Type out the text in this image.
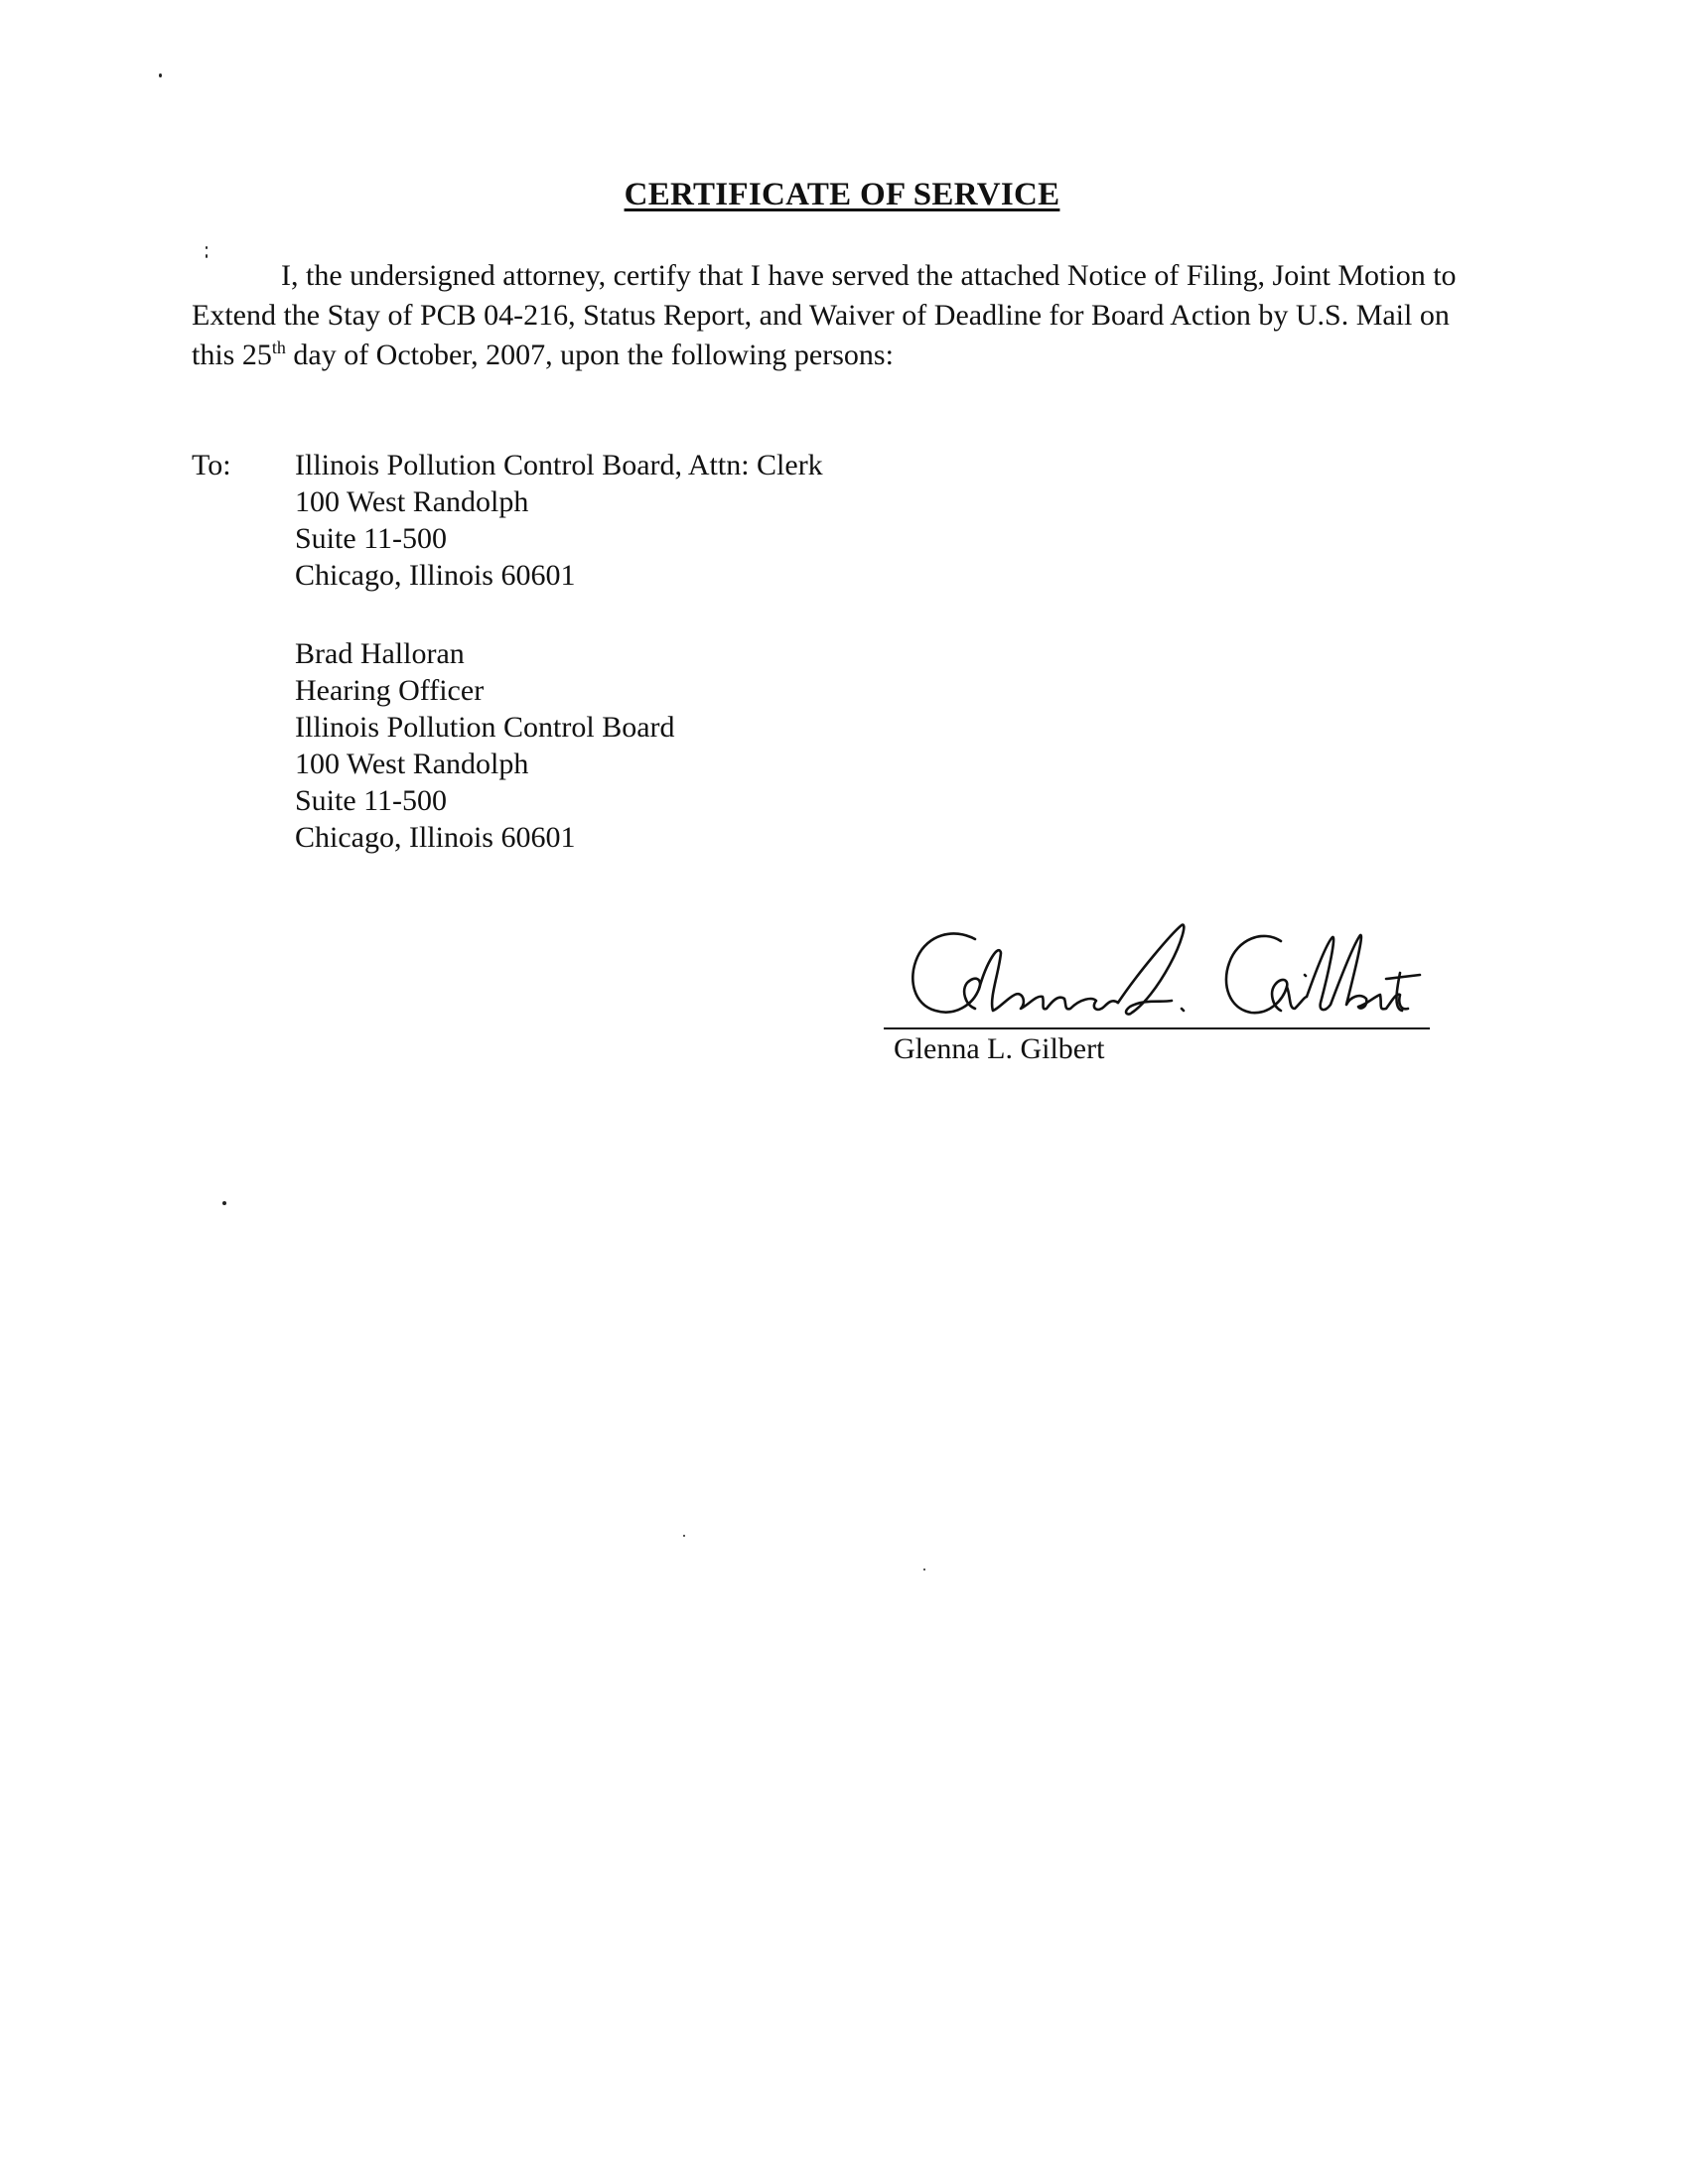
CERTIFICATE OF SERVICE

I, the undersigned attorney, certify that I have served the attached Notice of Filing, Joint Motion to Extend the Stay of PCB 04-216, Status Report, and Waiver of Deadline for Board Action by U.S. Mail on this 25th day of October, 2007, upon the following persons:

To: Illinois Pollution Control Board, Attn: Clerk
100 West Randolph
Suite 11-500
Chicago, Illinois 60601
Brad Halloran
Hearing Officer
Illinois Pollution Control Board
100 West Randolph
Suite 11-500
Chicago, Illinois 60601
Glenna L. Gilbert
